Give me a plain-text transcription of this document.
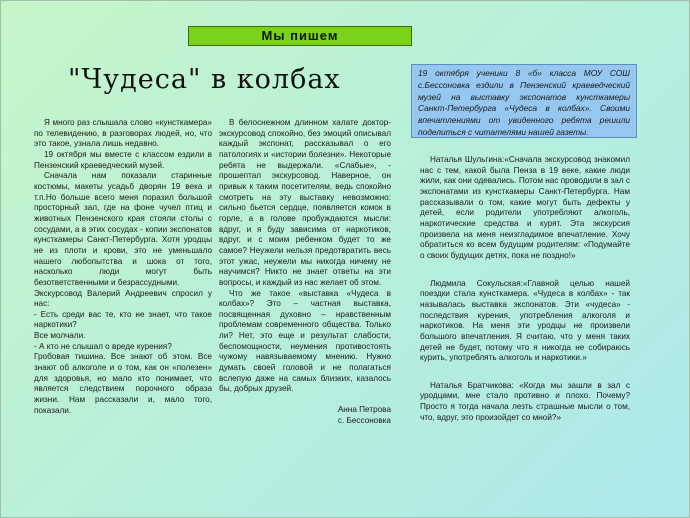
Мы пишем
"Чудеса" в колбах	19 октября ученики 8 «б» класса МОУ СОШ с.Бессоновка ездили в Пензенский краеведческий музей на выставку экспонатов кунсткамеры Санкт-Петербурга «Чудеса в колбах». Своими впечатлениями от увиденного ребята решили поделиться с читателями нашей газеты.

Я много раз слышала слово «кунсткамера» по телевидению, в разговорах людей, но, что это такое, узнала лишь недавно.

19 октября мы вместе с классом ездили в Пензенский краеведческий музей.

Сначала нам показали старинные костюмы, макеты усадьб дворян 19 века и т.п.Но больше всего меня поразил большой просторный зал, где на фоне чучел птиц и животных Пензенского края стояли столы с сосудами, а в этих сосудах - копии экспонатов кунсткамеры Санкт-Петербурга. Хотя уродцы не из плоти и крови, это не уменьшало нашего любопытства и шока от того, насколько люди могут быть безответственными и безрассудными.

Экскурсовод Валерий Андреевич спросил у нас:

- Есть среди вас те, кто не знает, что такое наркотики?

Все молчали.

- А кто не слышал о вреде курения?

Гробовая тишина. Все знают об этом. Все знают об алкоголе и о том, как он «полезен» для здоровья, но мало кто понимает, что является следствием порочного образа жизни. Нам рассказали и, мало того, показали.

В белоснежном длинном халате доктор-экскурсовод спокойно, без эмоций описывал каждый экспонат, рассказывал о его патологиях и «истории болезни». Некоторые ребята не выдержали. «Слабые», - прошептал экскурсовод. Наверное, он привык к таким посетителям, ведь спокойно смотреть на эту выставку невозможно: сильно бьется сердце, появляется комок в горле, а в голове пробуждаются мысли: вдруг, и я буду зависима от наркотиков, вдруг, и с моим ребенком будет то же самое? Неужели нельзя предотвратить весь этот ужас, неужели мы никогда ничему не научимся? Никто не знает ответы на эти вопросы, и каждый из нас желает об этом.

Что же такое «выставка «Чудеса в колбах»? Это – частная выставка, посвященная духовно – нравственным проблемам современного общества. Только ли? Нет, это еще и результат слабости, беспомощности, неумения противостоять чужому навязываемому мнению. Нужно думать своей головой и не полагаться вслепую даже на самых близких, казалось бы, добрых друзей.

Анна Петрова

с. Бессоновка

Наталья Шульгина:«Сначала экскурсовод знакомил нас с тем, какой была Пенза в 19 веке, какие люди жили, как они одевались. Потом нас проводили в зал с экспонатами из кунсткамеры Санкт-Петербурга. Нам рассказывали о том, какие могут быть дефекты у детей, если родители употребляют алкоголь, наркотические средства и курят. Эта экскурсия произвела на меня неизгладимое впечатление. Хочу обратиться ко всем будущим родителям: «Подумайте о своих будущих детях, пока не поздно!»

Людмила Сокульская:«Главной целью нашей поездки стала кунсткамера. «Чудеса в колбах» - так называлась выставка экспонатов. Эти «чудеса» - последствия курения, употребления алкоголя и наркотиков. На меня эти уродцы не произвели большого впечатления. Я считаю, что у меня таких детей не будет, потому что я никогда не собираюсь курить, употреблять алкоголь и наркотики.»

Наталья Братчикова: «Когда мы зашли в зал с уродцами, мне стало противно и плохо. Почему? Просто я тогда начала лезть страшные мысли о том, что, вдруг, это произойдет со мной?»
